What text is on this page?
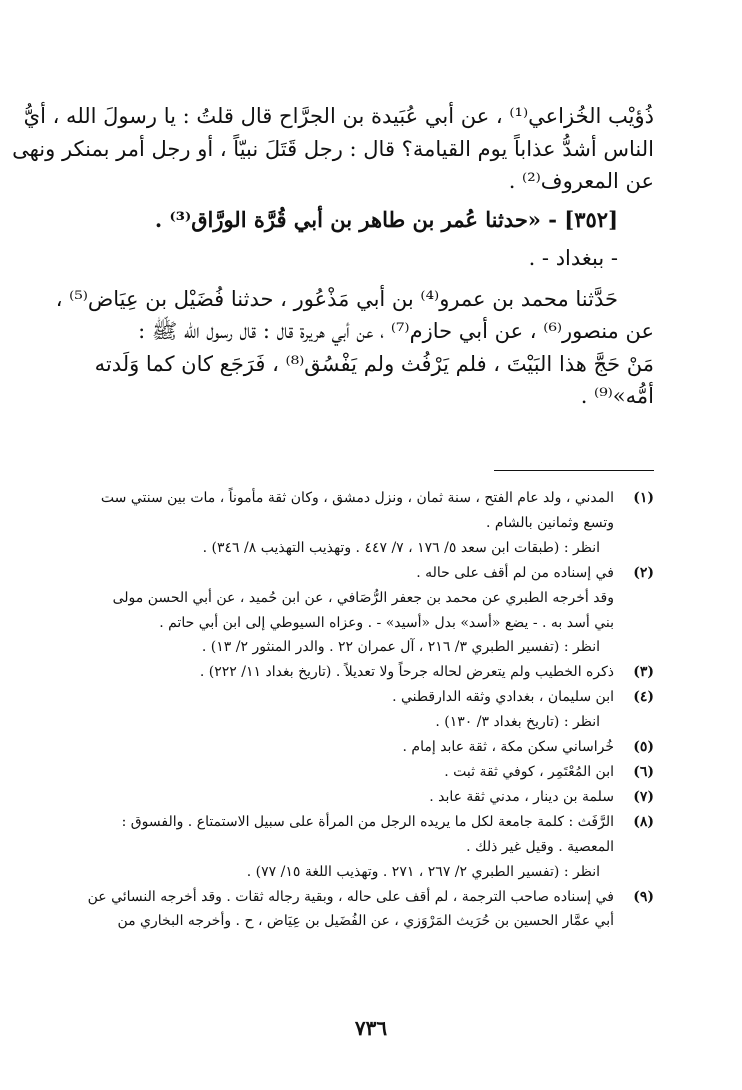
ذُؤيْب الخُزاعي⁽¹⁾ ، عن أبي عُبَيدة بن الجرَّاح قال قلتُ : يا رسولَ الله ، أيُّ

الناس أشدُّ عذاباً يوم القيامة؟ قال : رجل قَتَلَ نبيّاً ، أو رجل أمر بمنكر ونهى

عن المعروف⁽²⁾ .

[٣٥٢] - «حدثنا عُمر بن طاهر بن أبي قُرَّة الورَّاق⁽³⁾ .

- ببغداد - .

حَدَّثنا محمد بن عمرو⁽⁴⁾ بن أبي مَذْعُور ، حدثنا فُضَيْل بن عِيَاض⁽⁵⁾ ،

عن منصور⁽⁶⁾ ، عن أبي حازم⁽⁷⁾ ، عن أبي هريرة قال : قال رسول الله ﷺ :

مَنْ حَجَّ هذا البَيْتَ ، فلم يَرْفُث ولم يَفْسُق⁽⁸⁾ ، فَرَجَع كان كما وَلَدته

أمُّه»⁽⁹⁾ .

(١)

المدني ، ولد عام الفتح ، سنة ثمان ، ونزل دمشق ، وكان ثقة مأموناً ، مات بين سنتي ست

وتسع وثمانين بالشام .

انظر : (طبقات ابن سعد ٥/ ١٧٦ ، ٧/ ٤٤٧ . وتهذيب التهذيب ٨/ ٣٤٦) .

(٢)

في إسناده من لم أقف على حاله .

وقد أخرجه الطبري عن محمد بن جعفر الرُّصَافي ، عن ابن حُميد ، عن أبي الحسن مولى

بني أسد به . - يضع «أسد» بدل «أسيد» - . وعزاه السيوطي إلى ابن أبي حاتم .

انظر : (تفسير الطبري ٣/ ٢١٦ ، آل عمران ٢٢ . والدر المنثور ٢/ ١٣) .

(٣)

ذكره الخطيب ولم يتعرض لحاله جرحاً ولا تعديلاً . (تاريخ بغداد ١١/ ٢٢٢) .

(٤)

ابن سليمان ، بغدادي وثقه الدارقطني .

انظر : (تاريخ بغداد ٣/ ١٣٠) .

(٥)

خُراساني سكن مكة ، ثقة عابد إمام .

(٦)

ابن المُعْتَمِر ، كوفي ثقة ثبت .

(٧)

سلمة بن دينار ، مدني ثقة عابد .

(٨)

الرَّفَث : كلمة جامعة لكل ما يريده الرجل من المرأة على سبيل الاستمتاع . والفسوق :

المعصية . وقيل غير ذلك .

انظر : (تفسير الطبري ٢/ ٢٦٧ ، ٢٧١ . وتهذيب اللغة ١٥/ ٧٧) .

(٩)

في إسناده صاحب الترجمة ، لم أقف على حاله ، وبقية رجاله ثقات . وقد أخرجه النسائي عن

أبي عمَّار الحسين بن حُرَيث المَرْوَزي ، عن الفُضَيل بن عِيَاض ، ح . وأخرجه البخاري من

٧٣٦
